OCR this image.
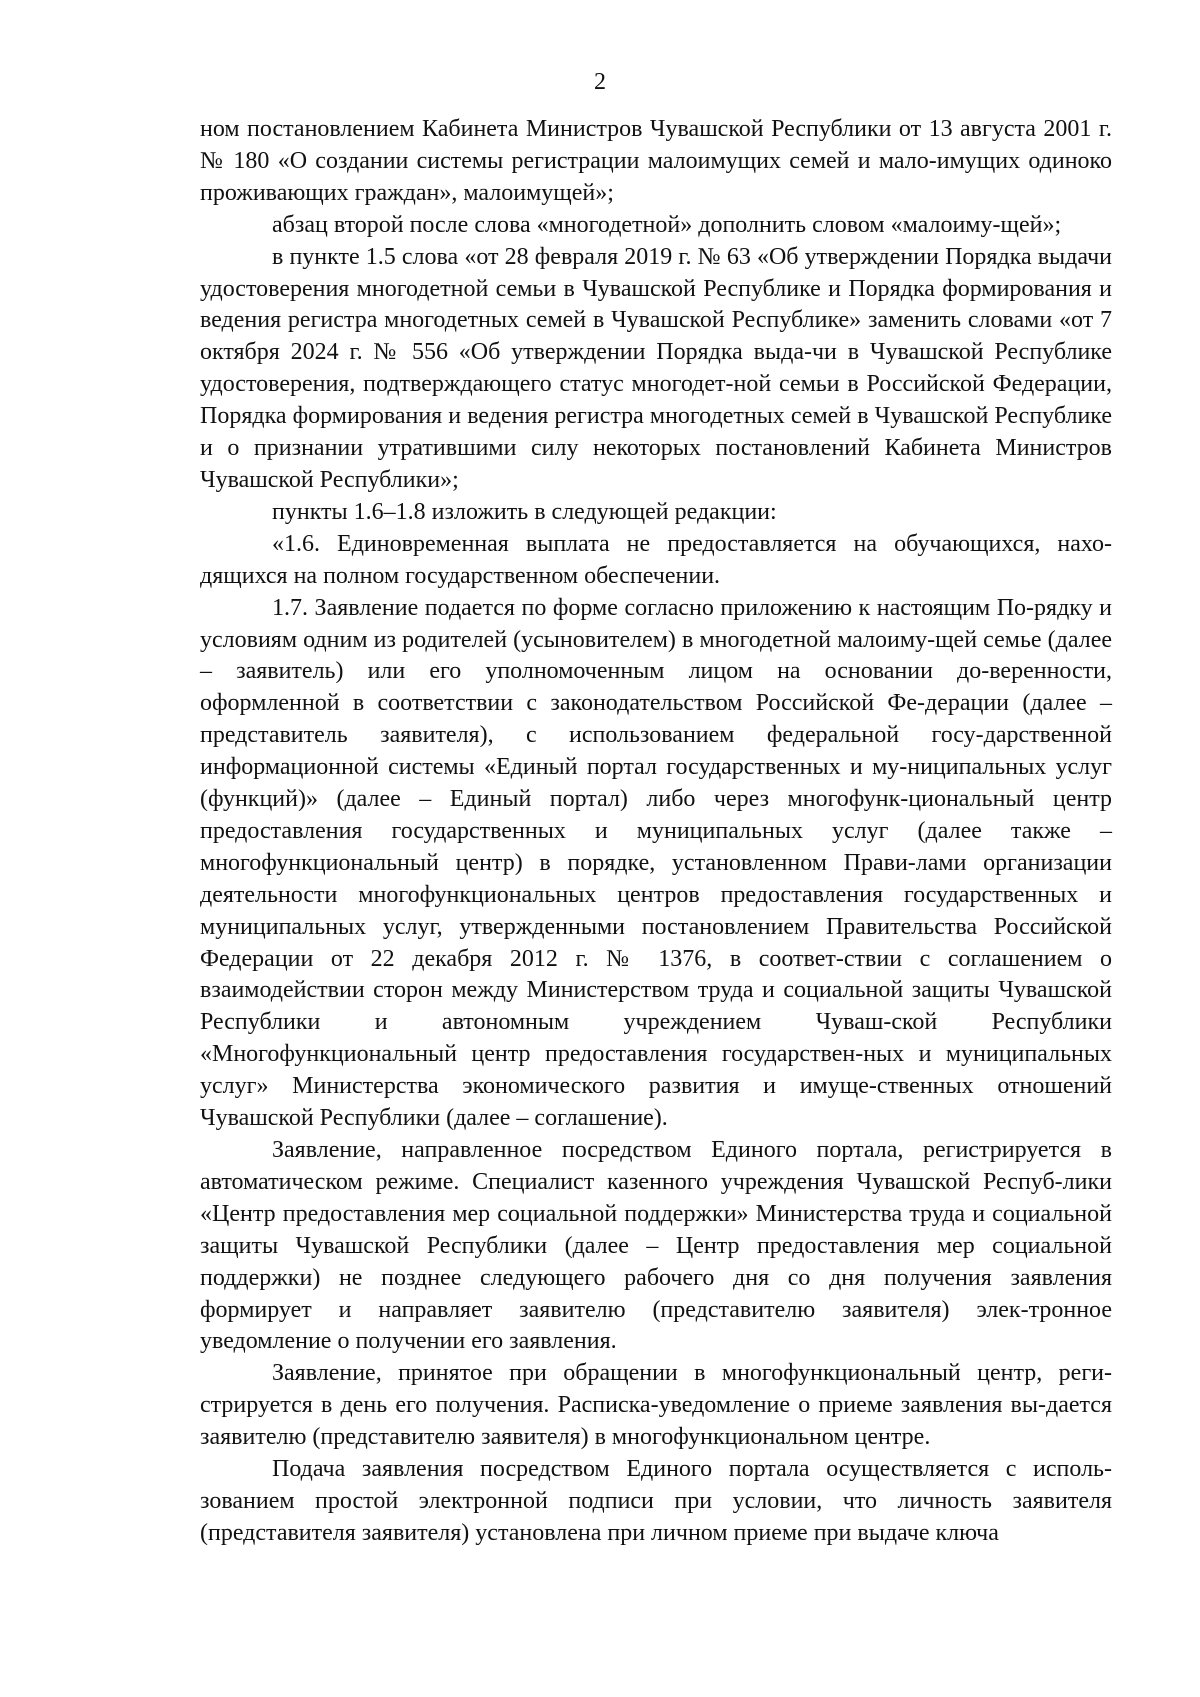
2

ном постановлением Кабинета Министров Чувашской Республики от 13 августа 2001 г. № 180 «О создании системы регистрации малоимущих семей и мало-имущих одиноко проживающих граждан», малоимущей»;

абзац второй после слова «многодетной» дополнить словом «малоиму-щей»;

в пункте 1.5 слова «от 28 февраля 2019 г. № 63 «Об утверждении Порядка выдачи удостоверения многодетной семьи в Чувашской Республике и Порядка формирования и ведения регистра многодетных семей в Чувашской Республике» заменить словами «от 7 октября 2024 г. № 556 «Об утверждении Порядка выда-чи в Чувашской Республике удостоверения, подтверждающего статус многодет-ной семьи в Российской Федерации, Порядка формирования и ведения регистра многодетных семей в Чувашской Республике и о признании утратившими силу некоторых постановлений Кабинета Министров Чувашской Республики»;

пункты 1.6–1.8 изложить в следующей редакции:

«1.6. Единовременная выплата не предоставляется на обучающихся, нахо-дящихся на полном государственном обеспечении.

1.7. Заявление подается по форме согласно приложению к настоящим По-рядку и условиям одним из родителей (усыновителем) в многодетной малоиму-щей семье (далее – заявитель) или его уполномоченным лицом на основании до-веренности, оформленной в соответствии с законодательством Российской Фе-дерации (далее – представитель заявителя), с использованием федеральной госу-дарственной информационной системы «Единый портал государственных и му-ниципальных услуг (функций)» (далее – Единый портал) либо через многофунк-циональный центр предоставления государственных и муниципальных услуг (далее также – многофункциональный центр) в порядке, установленном Прави-лами организации деятельности многофункциональных центров предоставления государственных и муниципальных услуг, утвержденными постановлением Правительства Российской Федерации от 22 декабря 2012 г. № 1376, в соответ-ствии с соглашением о взаимодействии сторон между Министерством труда и социальной защиты Чувашской Республики и автономным учреждением Чуваш-ской Республики «Многофункциональный центр предоставления государствен-ных и муниципальных услуг» Министерства экономического развития и имуще-ственных отношений Чувашской Республики (далее – соглашение).

Заявление, направленное посредством Единого портала, регистрируется в автоматическом режиме. Специалист казенного учреждения Чувашской Респуб-лики «Центр предоставления мер социальной поддержки» Министерства труда и социальной защиты Чувашской Республики (далее – Центр предоставления мер социальной поддержки) не позднее следующего рабочего дня со дня получения заявления формирует и направляет заявителю (представителю заявителя) элек-тронное уведомление о получении его заявления.

Заявление, принятое при обращении в многофункциональный центр, реги-стрируется в день его получения. Расписка-уведомление о приеме заявления вы-дается заявителю (представителю заявителя) в многофункциональном центре.

Подача заявления посредством Единого портала осуществляется с исполь-зованием простой электронной подписи при условии, что личность заявителя (представителя заявителя) установлена при личном приеме при выдаче ключа
